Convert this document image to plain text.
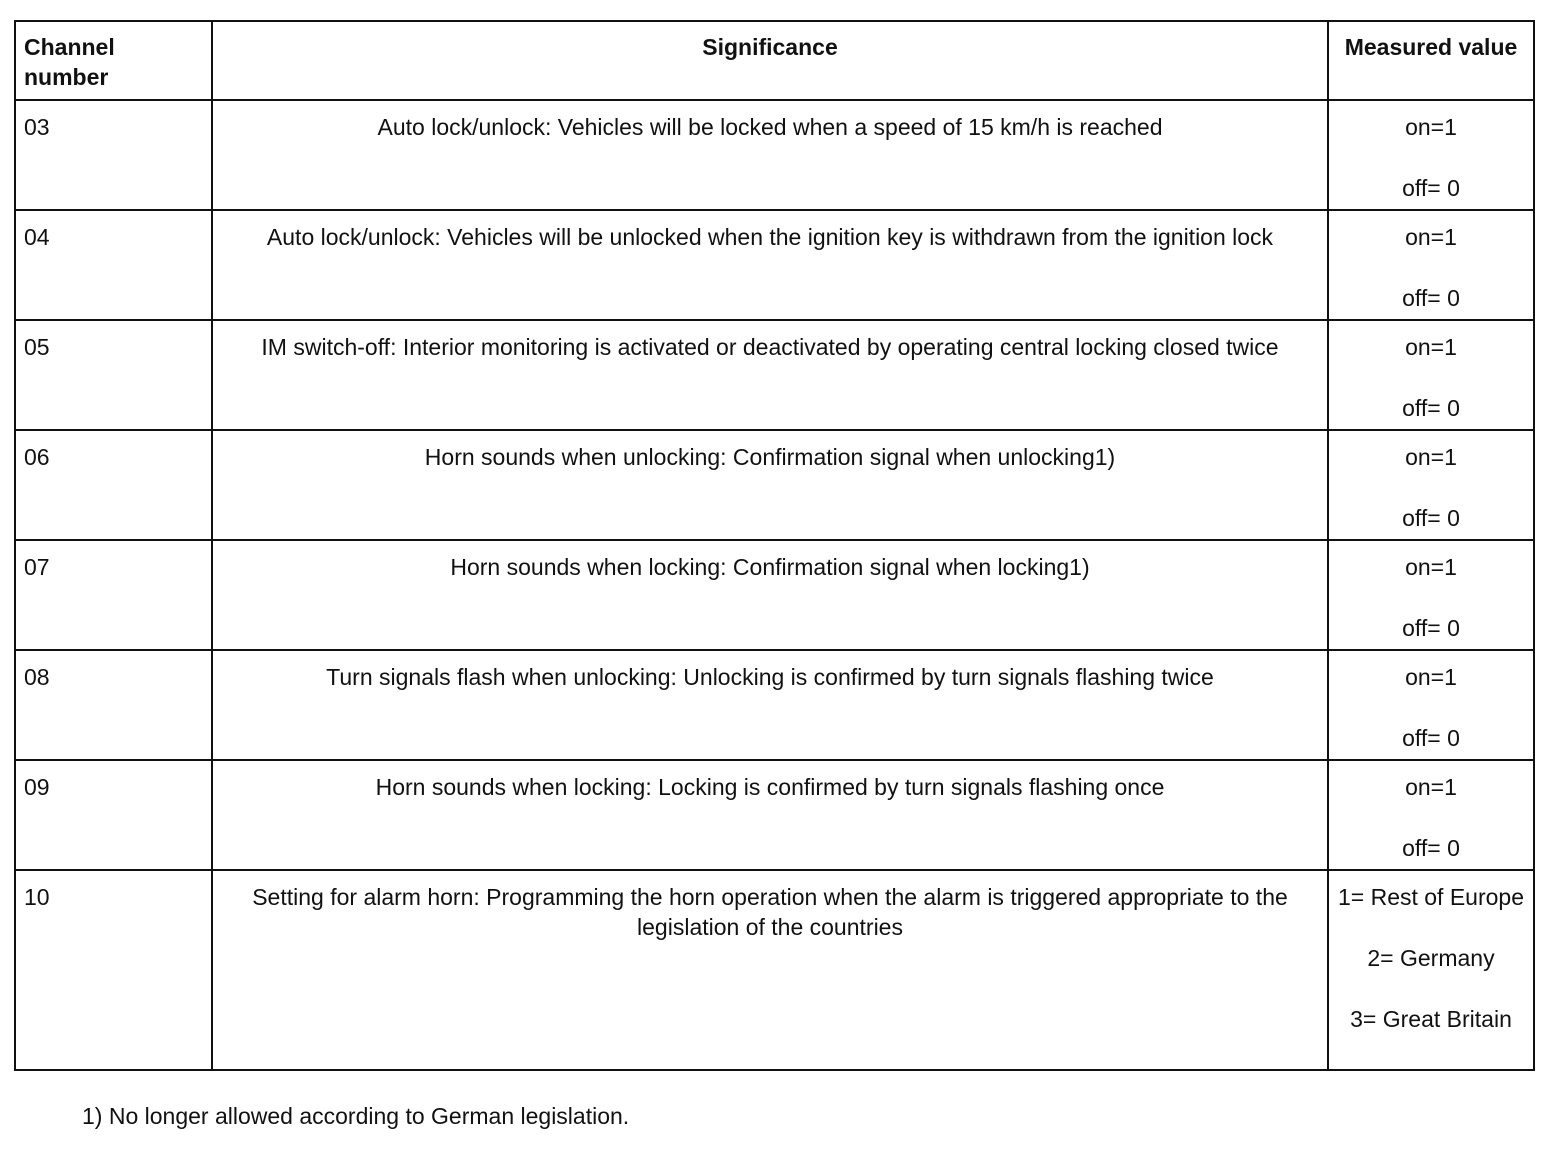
Channel number	Significance	Measured value
03	Auto lock/unlock: Vehicles will be locked when a speed of 15 km/h is reached	on=1
off= 0

04	Auto lock/unlock: Vehicles will be unlocked when the ignition key is withdrawn from the ignition lock	on=1
off= 0

05	IM switch-off: Interior monitoring is activated or deactivated by operating central locking closed twice	on=1
off= 0

06	Horn sounds when unlocking: Confirmation signal when unlocking1)	on=1
off= 0

07	Horn sounds when locking: Confirmation signal when locking1)	on=1
off= 0

08	Turn signals flash when unlocking: Unlocking is confirmed by turn signals flashing twice	on=1
off= 0

09	Horn sounds when locking: Locking is confirmed by turn signals flashing once	on=1
off= 0

10	Setting for alarm horn: Programming the horn operation when the alarm is triggered appropriate to the legislation of the countries	1= Rest of Europe
2= Germany
3= Great Britain

1) No longer allowed according to German legislation.
